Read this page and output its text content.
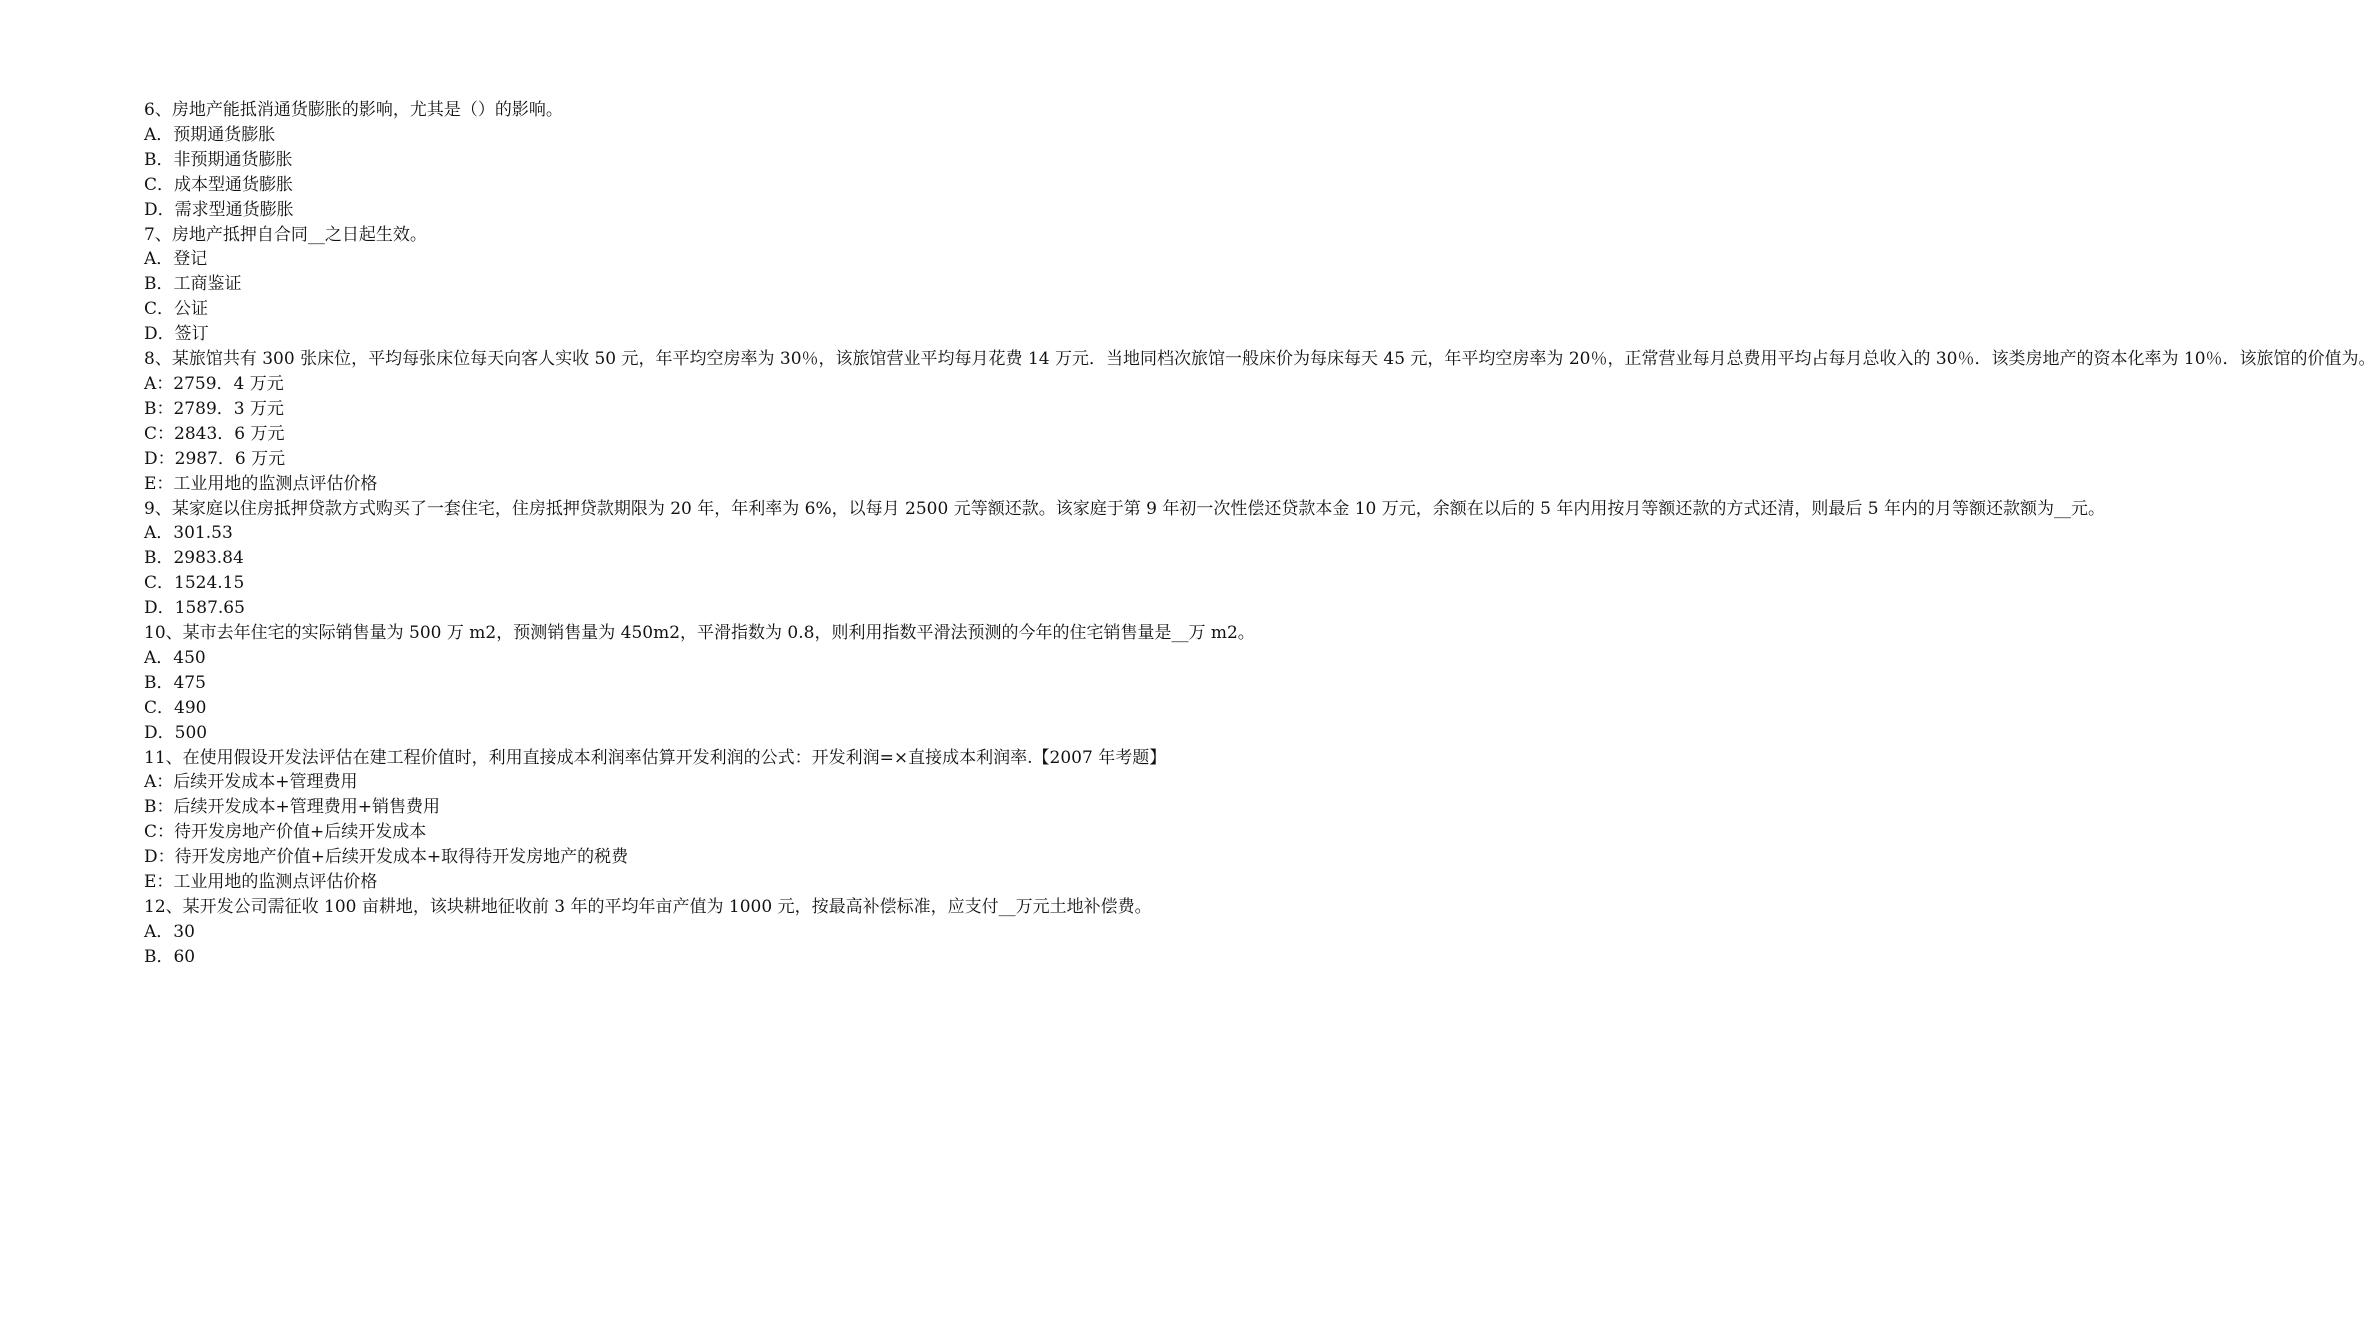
6、房地产能抵消通货膨胀的影响，尤其是（）的影响。
A．预期通货膨胀
B．非预期通货膨胀
C．成本型通货膨胀
D．需求型通货膨胀
7、房地产抵押自合同__之日起生效。
A．登记
B．工商鉴证
C．公证
D．签订
8、某旅馆共有 300 张床位，平均每张床位每天向客人实收 50 元，年平均空房率为 30％，该旅馆营业平均每月花费 14 万元．当地同档次旅馆一般床价为每床每天 45 元，年平均空房率为 20％，正常营业每月总费用平均占每月总收入的 30％．该类房地产的资本化率为 10％．该旅馆的价值为。
A：2759．4 万元
B：2789．3 万元
C：2843．6 万元
D：2987．6 万元
E：工业用地的监测点评估价格
9、某家庭以住房抵押贷款方式购买了一套住宅，住房抵押贷款期限为 20 年，年利率为 6%，以每月 2500 元等额还款。该家庭于第 9 年初一次性偿还贷款本金 10 万元，余额在以后的 5 年内用按月等额还款的方式还清，则最后 5 年内的月等额还款额为__元。
A．301.53
B．2983.84
C．1524.15
D．1587.65
10、某市去年住宅的实际销售量为 500 万 m2，预测销售量为 450m2，平滑指数为 0.8，则利用指数平滑法预测的今年的住宅销售量是__万 m2。
A．450
B．475
C．490
D．500
11、在使用假设开发法评估在建工程价值时，利用直接成本利润率估算开发利润的公式：开发利润=×直接成本利润率.【2007 年考题】
A：后续开发成本+管理费用
B：后续开发成本+管理费用+销售费用
C：待开发房地产价值+后续开发成本
D：待开发房地产价值+后续开发成本+取得待开发房地产的税费
E：工业用地的监测点评估价格
12、某开发公司需征收 100 亩耕地，该块耕地征收前 3 年的平均年亩产值为 1000 元，按最高补偿标准，应支付__万元土地补偿费。
A．30
B．60
